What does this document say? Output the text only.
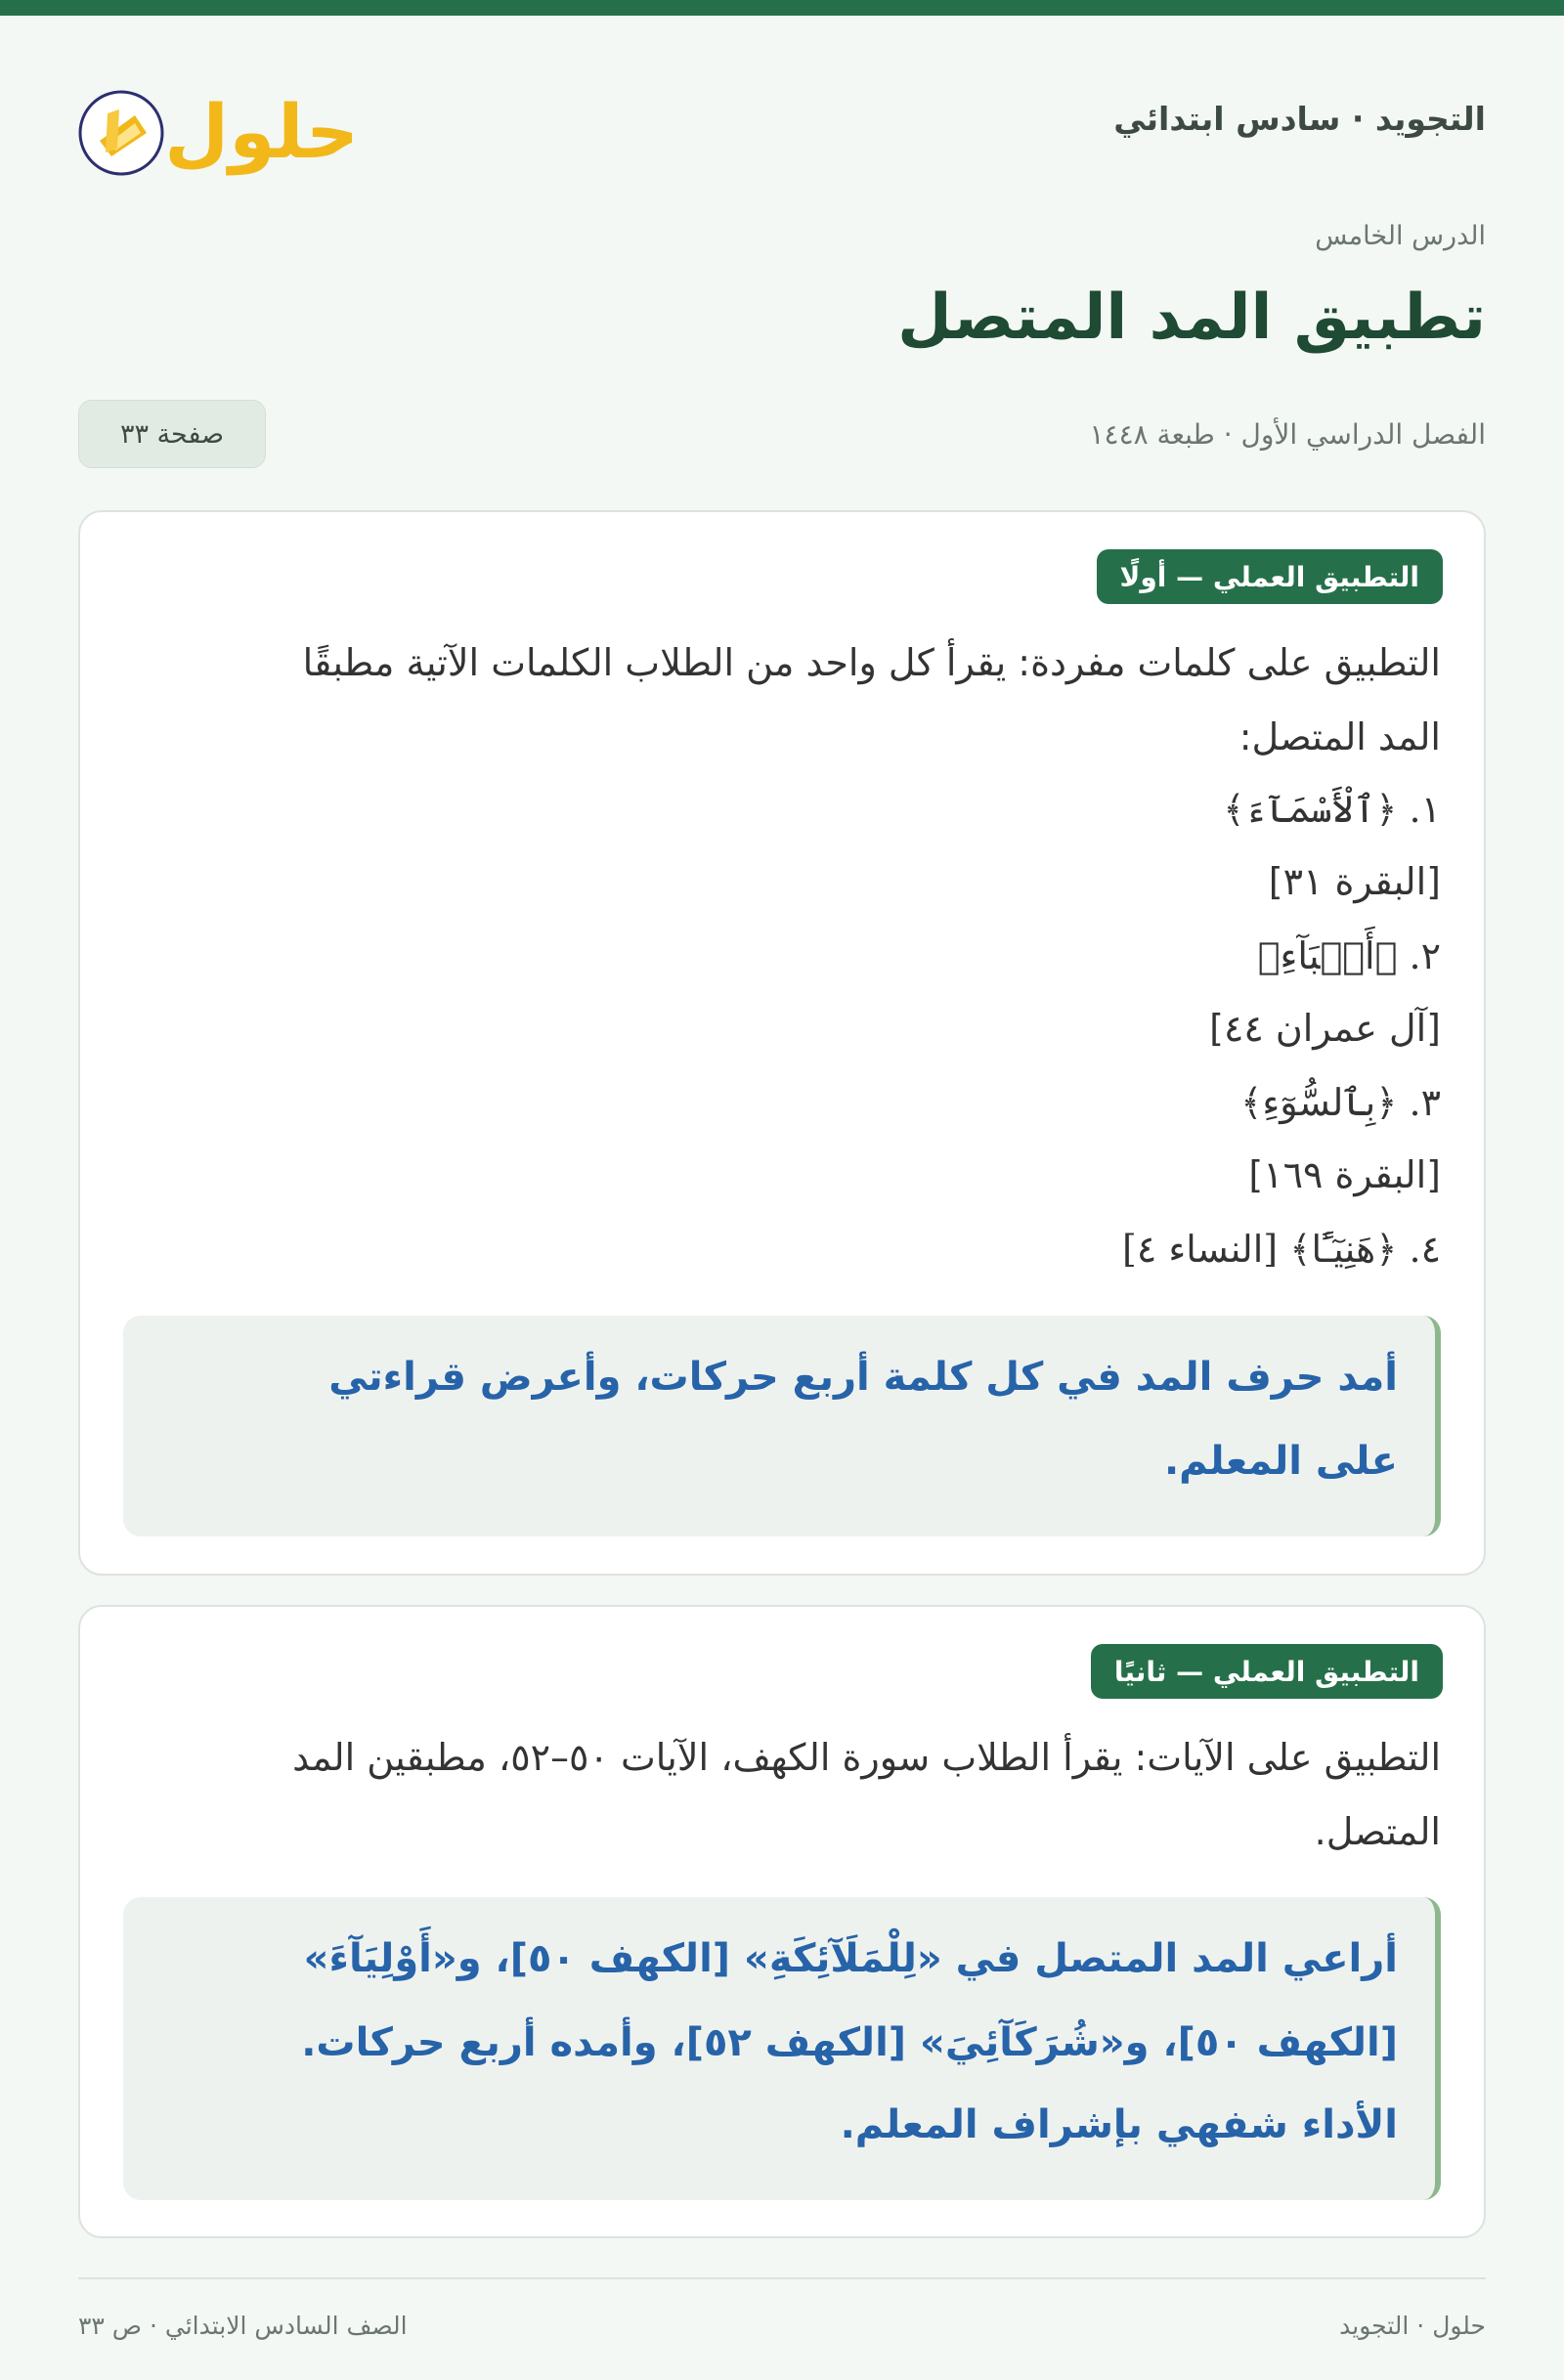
التجويد · سادس ابتدائي
حلول
الدرس الخامس
تطبيق المد المتصل
الفصل الدراسي الأول · طبعة ١٤٤٨
صفحة ٣٣
التطبيق العملي — أولًا
التطبيق على كلمات مفردة: يقرأ كل واحد من الطلاب الكلمات الآتية مطبقًا
المد المتصل:
١. ﴿ٱلْأَسْمَآءَ﴾
[البقرة ٣١]
٢. ﴿أَنۢبَآءِ﴾
[آل عمران ٤٤]
٣. ﴿بِٱلسُّوٓءِ﴾
[البقرة ١٦٩]
٤. ﴿هَنِيٓـًٔا﴾ [النساء ٤]
أمد حرف المد في كل كلمة أربع حركات، وأعرض قراءتي
على المعلم.
التطبيق العملي — ثانيًا
التطبيق على الآيات: يقرأ الطلاب سورة الكهف، الآيات ٥٠–٥٢، مطبقين المد
المتصل.
أراعي المد المتصل في «لِلْمَلَآئِكَةِ» [الكهف ٥٠]، و«أَوْلِيَآءَ»
[الكهف ٥٠]، و«شُرَكَآئِيَ» [الكهف ٥٢]، وأمده أربع حركات.
الأداء شفهي بإشراف المعلم.
حلول · التجويد
الصف السادس الابتدائي · ص ٣٣
